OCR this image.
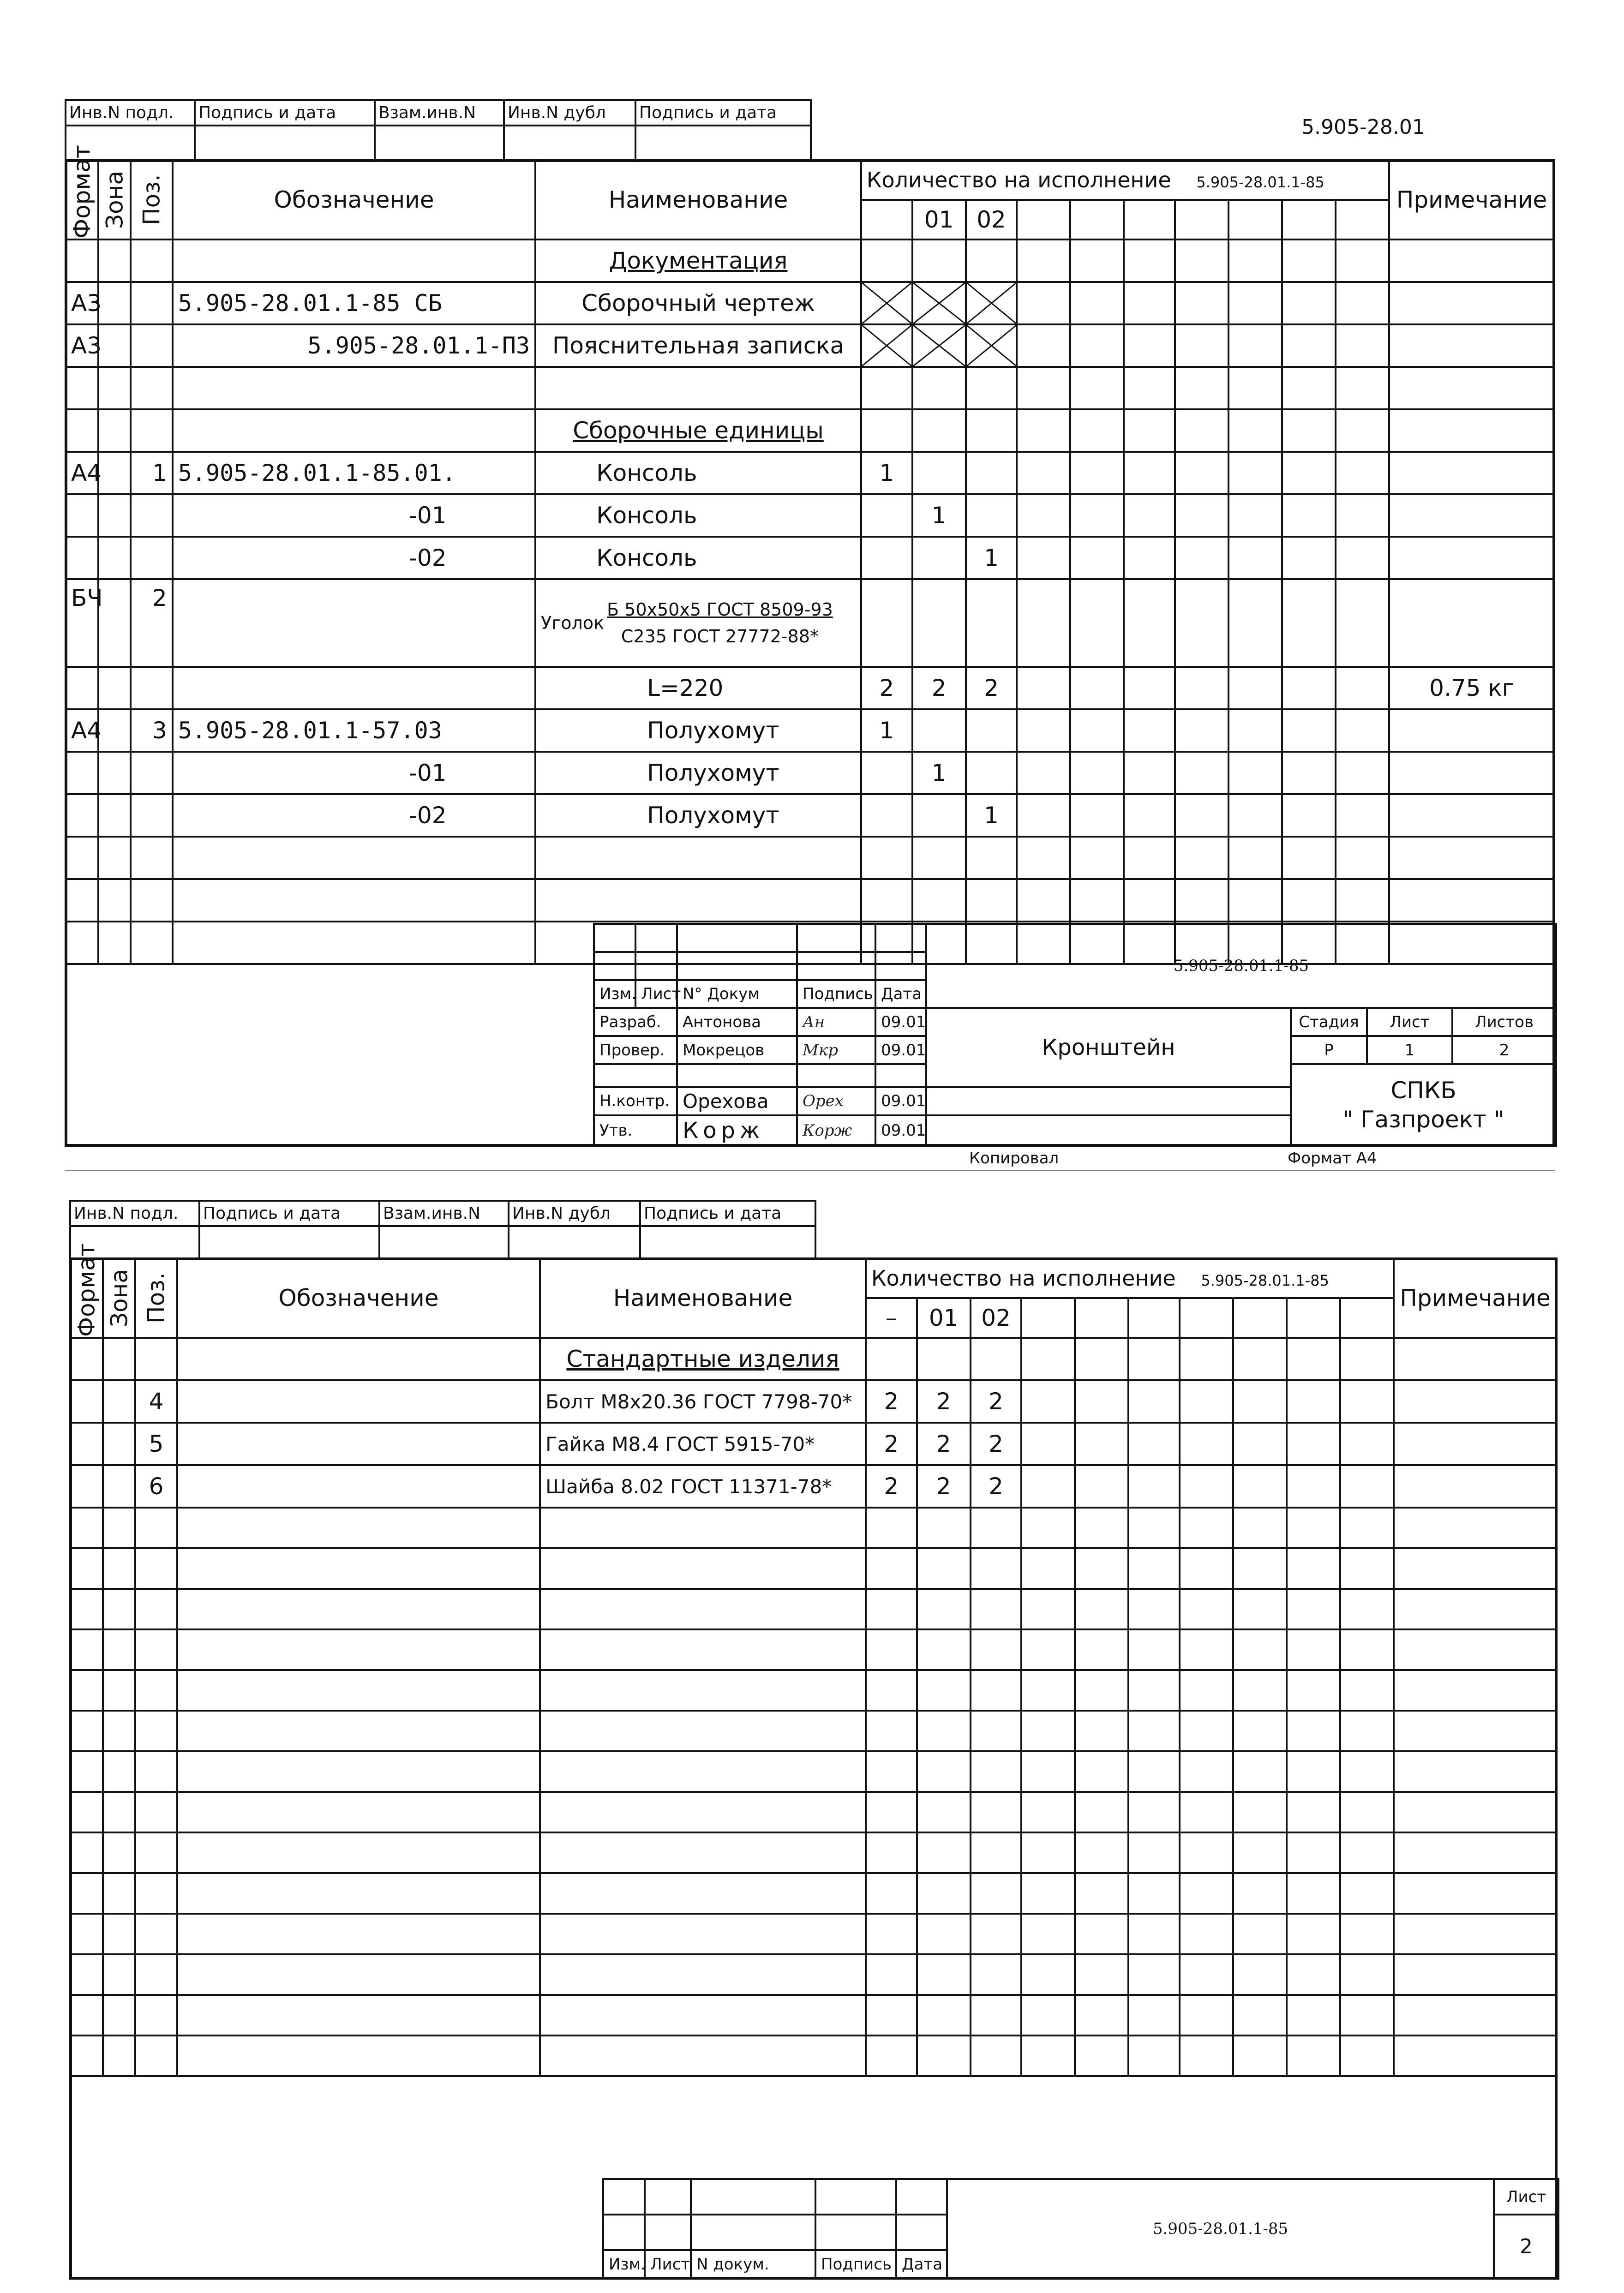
Инв.N подл.	Подпись и дата	Взам.инв.N	Инв.N дубл	Подпись и дата

5.905-28.01
Формат	Зона	Поз.	Обозначение	Наименование	Количество на исполнение 5.905-28.01.1-85										Примечание
						01	02								
				Документация											
А3			5.905-28.01.1-85 СБ	Сборочный чертеж	

А3			5.905-28.01.1-ПЗ	Пояснительная записка	

				Сборочные единицы											
А4		1	5.905-28.01.1-85.01.	Консоль	1										
			-01	Консоль		1									
			-02	Консоль			1								
БЧ		2		Уголок
Б 50х50х5 ГОСТ 8509-93
С235 ГОСТ 27772-88*											

				L=220	2	2	2								0.75 кг
А4		3	5.905-28.01.1-57.03	Полухомут	1										
			-01	Полухомут		1									
			-02	Полухомут			1								

					5.905-28.01.1-85			

Изм.	Лист	N° Докум	Подпись	Дата				
Разраб.		Антонова	Ан	09.01	Кронштейн	Стадия	Лист	Листов
Провер.		Мокрецов	Мкр	09.01		Р	1	2

						СПКБ
" Газпроект "		

Н.контр.		Орехова	Орех	09.01				
Утв.		Корж	Корж	09.01				
Копировал	Формат А4
Инв.N подл.	Подпись и дата	Взам.инв.N	Инв.N дубл	Подпись и дата

Формат	Зона	Поз.	Обозначение	Наименование	Количество на исполнение 5.905-28.01.1-85										Примечание
					–	01	02								
				Стандартные изделия											
		4		Болт М8х20.36 ГОСТ 7798-70*	2	2	2								
		5		Гайка М8.4 ГОСТ 5915-70*	2	2	2								
		6		Шайба 8.02 ГОСТ 11371-78*	2	2	2								

					5.905-28.01.1-85	Лист
						2
Изм.	Лист	N докум.	Подпись	Дата		
